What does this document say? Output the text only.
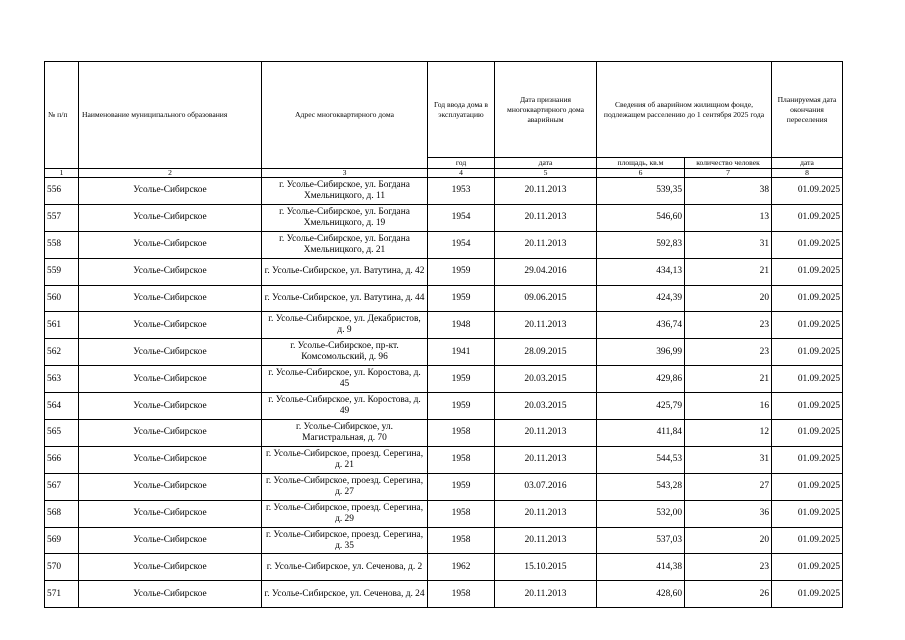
№ п/п	Наименование муниципального образования	Адрес многоквартирного дома	Год ввода дома в эксплуатацию	Дата признания многоквартирного дома аварийным	Сведения об аварийном жилищном фонде, подлежащем расселению до 1 сентября 2025 года		Планируемая дата окончания переселения
			год	дата	площадь, кв.м	количество человек	дата
1	2	3	4	5	6	7	8
556	Усолье-Сибирское	г. Усолье-Сибирское, ул. Богдана Хмельницкого, д. 11	1953	20.11.2013	539,35	38	01.09.2025
557	Усолье-Сибирское	г. Усолье-Сибирское, ул. Богдана Хмельницкого, д. 19	1954	20.11.2013	546,60	13	01.09.2025
558	Усолье-Сибирское	г. Усолье-Сибирское, ул. Богдана Хмельницкого, д. 21	1954	20.11.2013	592,83	31	01.09.2025
559	Усолье-Сибирское	г. Усолье-Сибирское, ул. Ватутина, д. 42	1959	29.04.2016	434,13	21	01.09.2025
560	Усолье-Сибирское	г. Усолье-Сибирское, ул. Ватутина, д. 44	1959	09.06.2015	424,39	20	01.09.2025
561	Усолье-Сибирское	г. Усолье-Сибирское, ул. Декабристов, д. 9	1948	20.11.2013	436,74	23	01.09.2025
562	Усолье-Сибирское	г. Усолье-Сибирское, пр-кт. Комсомольский, д. 96	1941	28.09.2015	396,99	23	01.09.2025
563	Усолье-Сибирское	г. Усолье-Сибирское, ул. Коростова, д. 45	1959	20.03.2015	429,86	21	01.09.2025
564	Усолье-Сибирское	г. Усолье-Сибирское, ул. Коростова, д. 49	1959	20.03.2015	425,79	16	01.09.2025
565	Усолье-Сибирское	г. Усолье-Сибирское, ул. Магистральная, д. 70	1958	20.11.2013	411,84	12	01.09.2025
566	Усолье-Сибирское	г. Усолье-Сибирское, проезд. Серегина, д. 21	1958	20.11.2013	544,53	31	01.09.2025
567	Усолье-Сибирское	г. Усолье-Сибирское, проезд. Серегина, д. 27	1959	03.07.2016	543,28	27	01.09.2025
568	Усолье-Сибирское	г. Усолье-Сибирское, проезд. Серегина, д. 29	1958	20.11.2013	532,00	36	01.09.2025
569	Усолье-Сибирское	г. Усолье-Сибирское, проезд. Серегина, д. 35	1958	20.11.2013	537,03	20	01.09.2025
570	Усолье-Сибирское	г. Усолье-Сибирское, ул. Сеченова, д. 2	1962	15.10.2015	414,38	23	01.09.2025
571	Усолье-Сибирское	г. Усолье-Сибирское, ул. Сеченова, д. 24	1958	20.11.2013	428,60	26	01.09.2025
